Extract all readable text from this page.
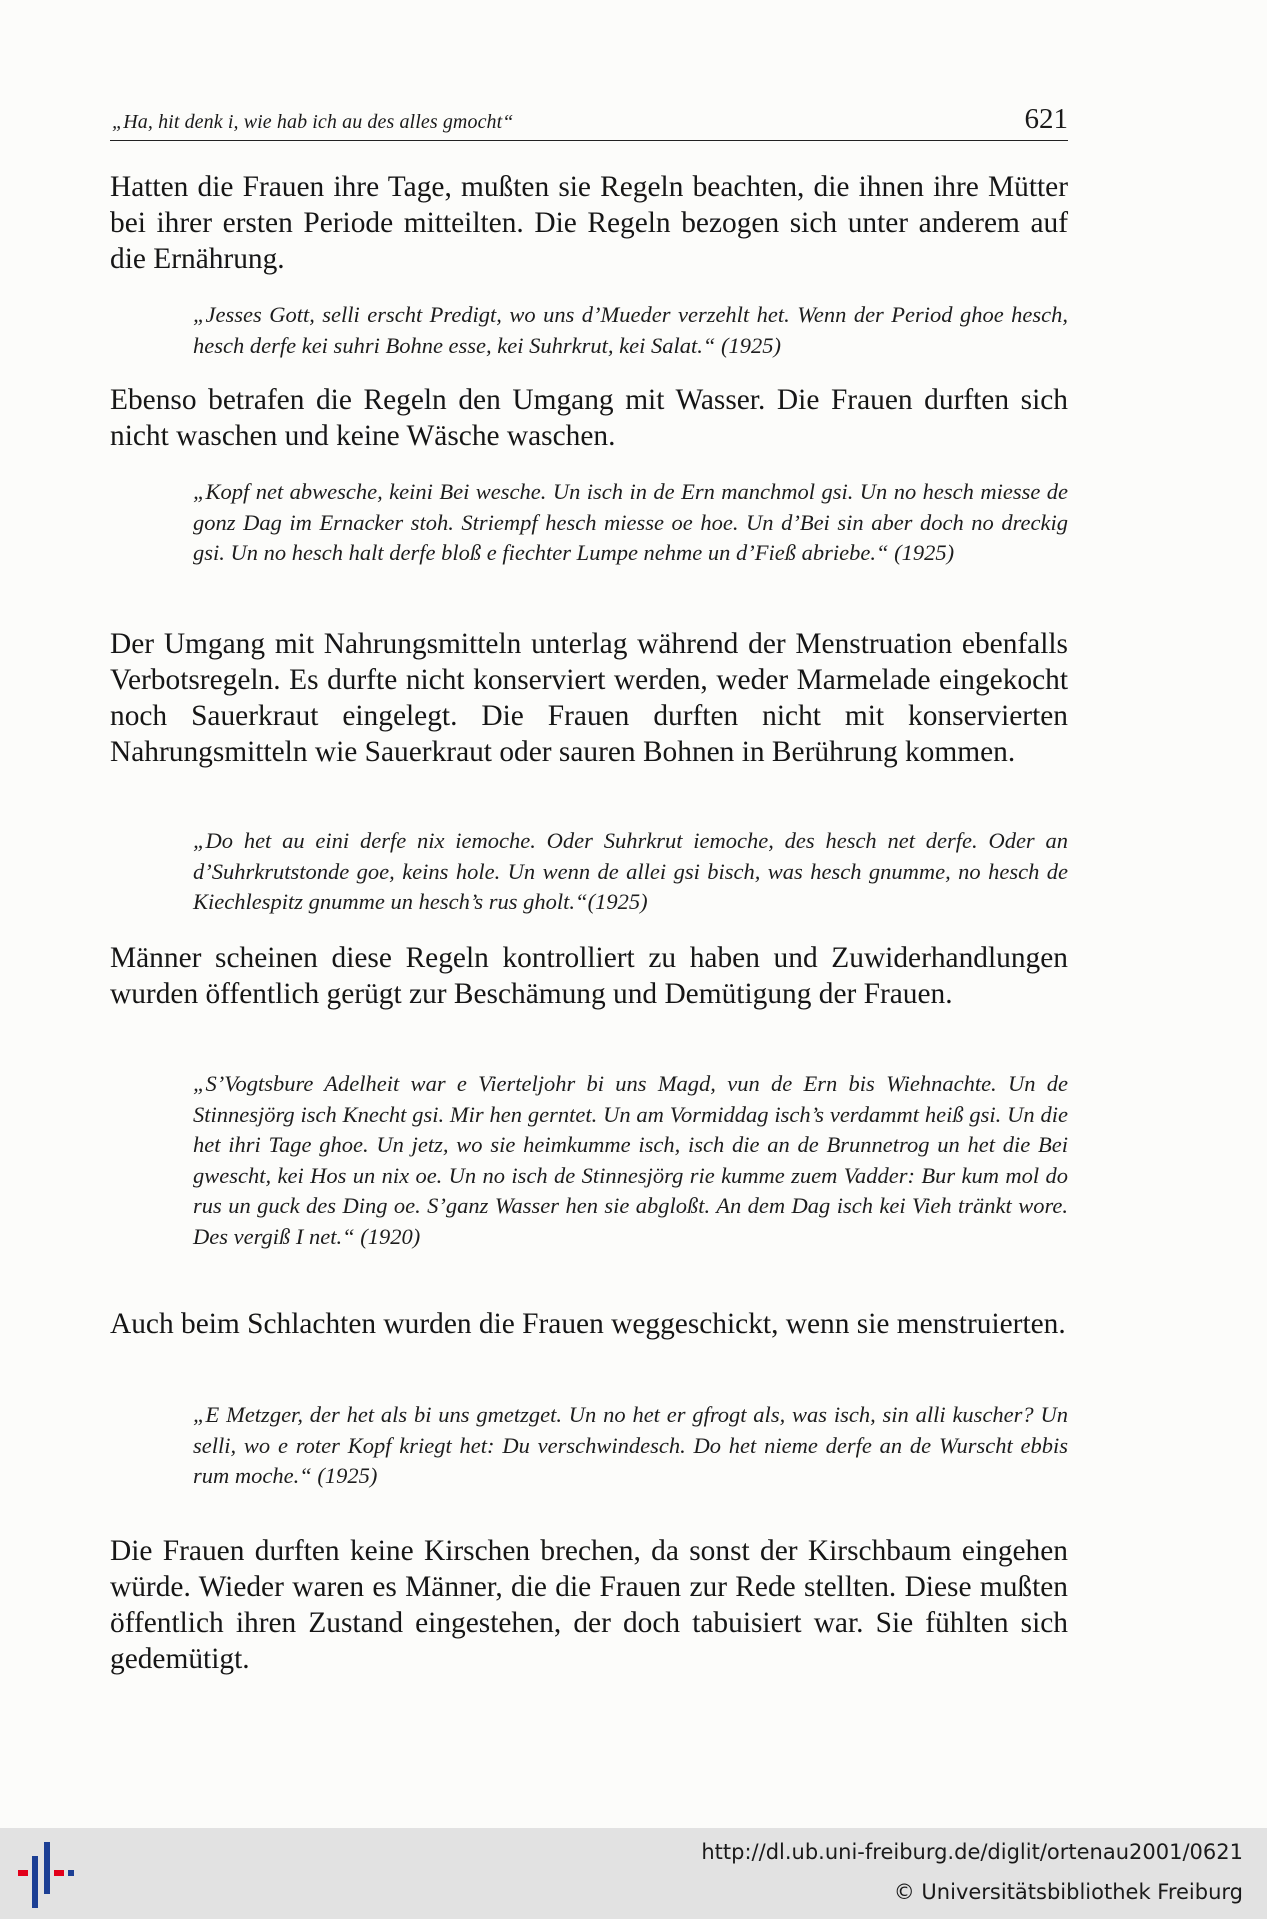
„Ha, hit denk i, wie hab ich au des alles gmocht“	621

Hatten die Frauen ihre Tage, mußten sie Regeln beachten, die ihnen ihre Mütter bei ihrer ersten Periode mitteilten. Die Regeln bezogen sich unter anderem auf die Ernährung.

„Jesses Gott, selli erscht Predigt, wo uns d’Mueder verzehlt het. Wenn der Period ghoe hesch, hesch derfe kei suhri Bohne esse, kei Suhrkrut, kei Salat.“ (1925)

Ebenso betrafen die Regeln den Umgang mit Wasser. Die Frauen durften sich nicht waschen und keine Wäsche waschen.

„Kopf net abwesche, keini Bei wesche. Un isch in de Ern manchmol gsi. Un no hesch miesse de gonz Dag im Ernacker stoh. Striempf hesch miesse oe hoe. Un d’Bei sin aber doch no dreckig gsi. Un no hesch halt derfe bloß e fiechter Lumpe nehme un d’Fieß abriebe.“ (1925)

Der Umgang mit Nahrungsmitteln unterlag während der Menstruation ebenfalls Verbotsregeln. Es durfte nicht konserviert werden, weder Marmelade eingekocht noch Sauerkraut eingelegt. Die Frauen durften nicht mit konservierten Nahrungsmitteln wie Sauerkraut oder sauren Bohnen in Berührung kommen.

„Do het au eini derfe nix iemoche. Oder Suhrkrut iemoche, des hesch net derfe. Oder an d’Suhrkrutstonde goe, keins hole. Un wenn de allei gsi bisch, was hesch gnumme, no hesch de Kiechlespitz gnumme un hesch’s rus gholt.“(1925)

Männer scheinen diese Regeln kontrolliert zu haben und Zuwiderhandlungen wurden öffentlich gerügt zur Beschämung und Demütigung der Frauen.

„S’Vogtsbure Adelheit war e Vierteljohr bi uns Magd, vun de Ern bis Wiehnachte. Un de Stinnesjörg isch Knecht gsi. Mir hen gerntet. Un am Vormiddag isch’s verdammt heiß gsi. Un die het ihri Tage ghoe. Un jetz, wo sie heimkumme isch, isch die an de Brunnetrog un het die Bei gwescht, kei Hos un nix oe. Un no isch de Stinnesjörg rie kumme zuem Vadder: Bur kum mol do rus un guck des Ding oe. S’ganz Wasser hen sie abgloßt. An dem Dag isch kei Vieh tränkt wore. Des vergiß I net.“ (1920)

Auch beim Schlachten wurden die Frauen weggeschickt, wenn sie menstruierten.

„E Metzger, der het als bi uns gmetzget. Un no het er gfrogt als, was isch, sin alli kuscher? Un selli, wo e roter Kopf kriegt het: Du verschwindesch. Do het nieme derfe an de Wurscht ebbis rum moche.“ (1925)

Die Frauen durften keine Kirschen brechen, da sonst der Kirschbaum eingehen würde. Wieder waren es Männer, die die Frauen zur Rede stellten. Diese mußten öffentlich ihren Zustand eingestehen, der doch tabuisiert war. Sie fühlten sich gedemütigt.

http://dl.ub.uni-freiburg.de/diglit/ortenau2001/0621
© Universitätsbibliothek Freiburg
